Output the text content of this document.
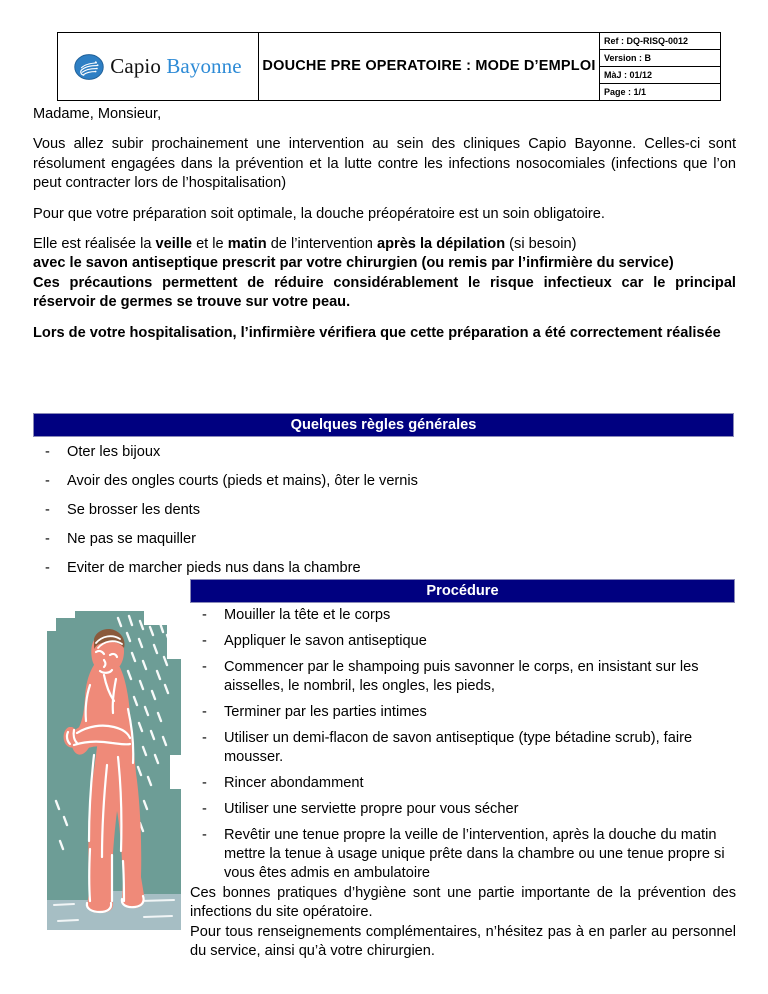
Capio Bayonne	DOUCHE PRE OPERATOIRE : MODE D’EMPLOI	
Ref : DQ-RISQ-0012
Version : B
MàJ : 01/12
Page : 1/1

Madame, Monsieur,

Vous allez subir prochainement une intervention au sein des cliniques Capio Bayonne. Celles-ci sont résolument engagées dans la prévention et la lutte contre les infections nosocomiales (infections que l’on peut contracter lors de l’hospitalisation)

Pour que votre préparation soit optimale, la douche préopératoire est un soin obligatoire.

Elle est réalisée la veille et le matin de l’intervention après la dépilation (si besoin)
avec le savon antiseptique prescrit par votre chirurgien (ou remis par l’infirmière du service)
Ces précautions permettent de réduire considérablement le risque infectieux car le principal réservoir de germes se trouve sur votre peau.

Lors de votre hospitalisation, l’infirmière vérifiera que cette préparation a été correctement réalisée

Quelques règles générales
- Oter les bijoux
- Avoir des ongles courts (pieds et mains), ôter le vernis
- Se brosser les dents
- Ne pas se maquiller
- Eviter de marcher pieds nus dans la chambre
Procédure
- Mouiller la tête et le corps
- Appliquer le savon antiseptique
- Commencer par le shampoing puis savonner le corps, en insistant sur les aisselles, le nombril, les ongles, les pieds,
- Terminer par les parties intimes
- Utiliser un demi-flacon de savon antiseptique (type bétadine scrub), faire mousser.
- Rincer abondamment
- Utiliser une serviette propre pour vous sécher
- Revêtir une tenue propre la veille de l’intervention, après la douche du matin mettre la tenue à usage unique prête dans la chambre ou une tenue propre si vous êtes admis en ambulatoire

Ces bonnes pratiques d’hygiène sont une partie importante de la prévention des infections du site opératoire.

Pour tous renseignements complémentaires, n’hésitez pas à en parler au personnel du service, ainsi qu’à votre chirurgien.
